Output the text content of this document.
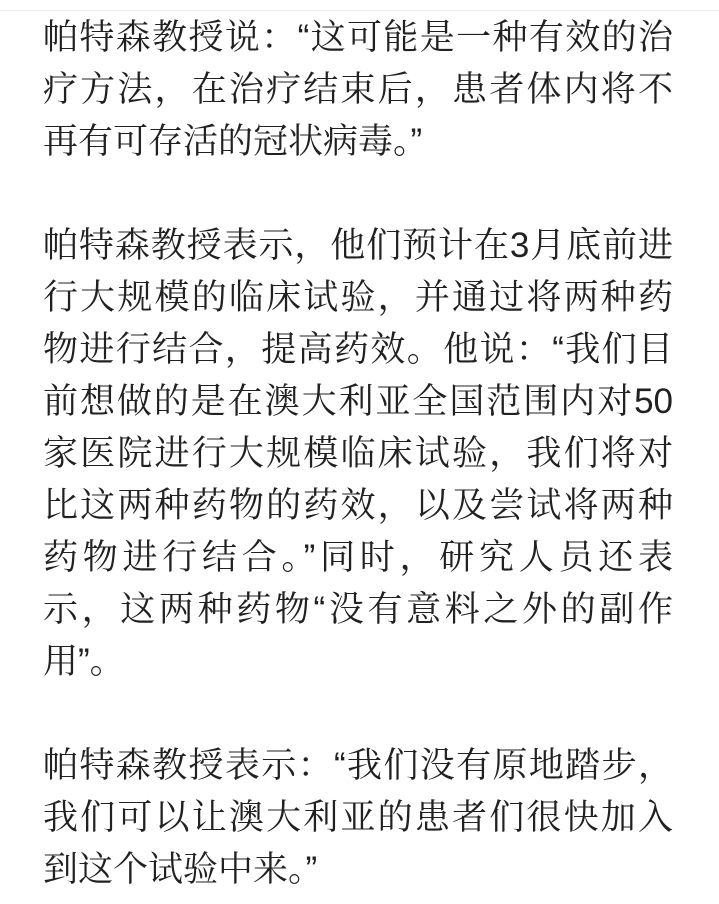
帕特森教授说：“这可能是一种有效的治
疗方法，在治疗结束后，患者体内将不
再有可存活的冠状病毒。”
帕特森教授表示，他们预计在3月底前进
行大规模的临床试验，并通过将两种药
物进行结合，提高药效。他说：“我们目
前想做的是在澳大利亚全国范围内对50
家医院进行大规模临床试验，我们将对
比这两种药物的药效，以及尝试将两种
药物进行结合。”同时，研究人员还表
示，这两种药物“没有意料之外的副作
用”。
帕特森教授表示：“我们没有原地踏步，
我们可以让澳大利亚的患者们很快加入
到这个试验中来。”
